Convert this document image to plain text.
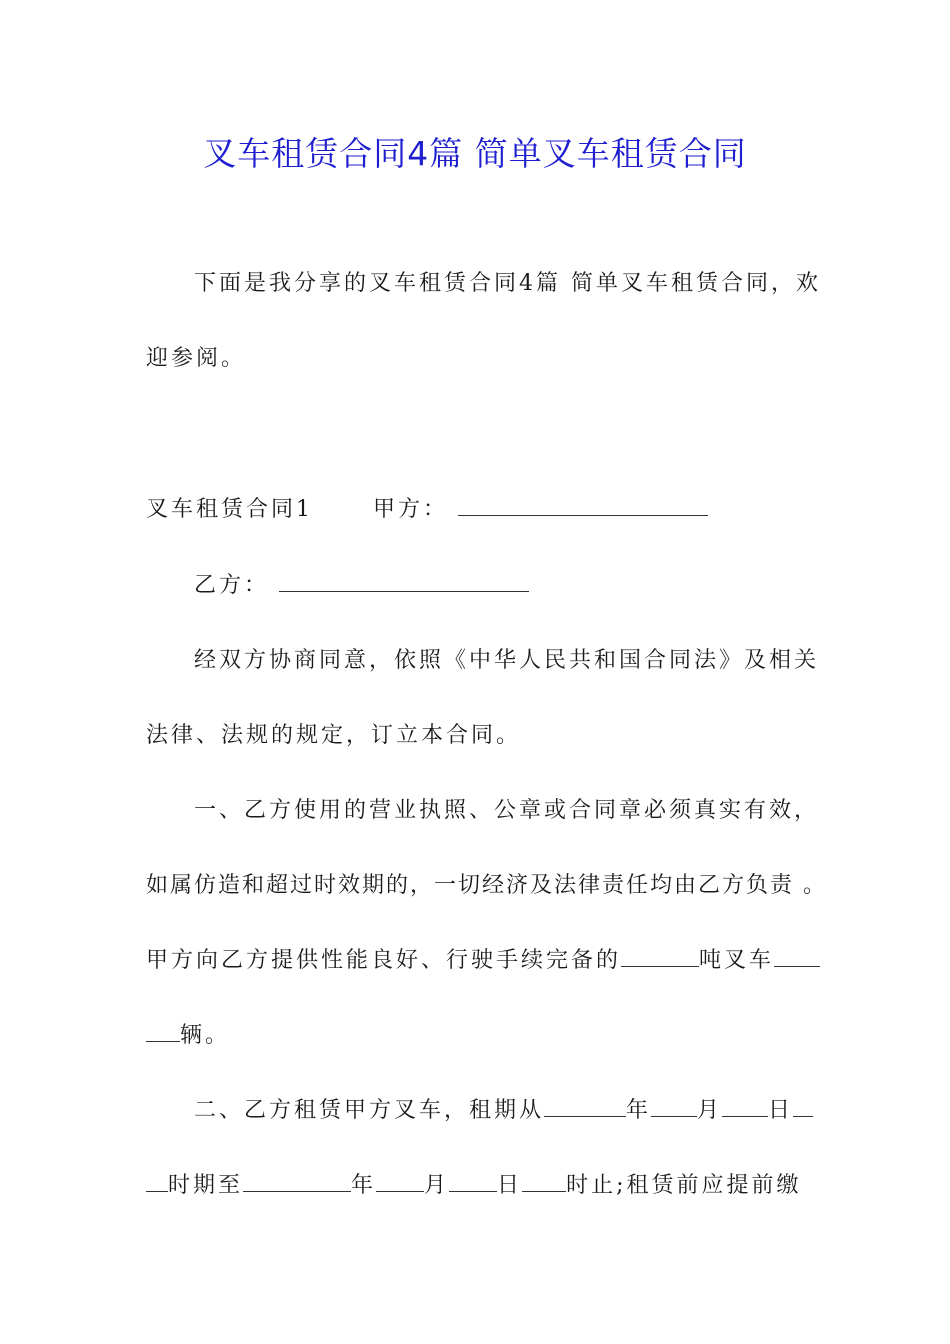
叉车租赁合同4篇 简单叉车租赁合同
下面是我分享的叉车租赁合同4篇 简单叉车租赁合同，欢
迎参阅。
叉车租赁合同1	甲方：
乙方：
经双方协商同意，依照《中华人民共和国合同法》及相关
法律、法规的规定，订立本合同。
一、乙方使用的营业执照、公章或合同章必须真实有效，
如属仿造和超过时效期的，一切经济及法律责任均由乙方负责 。
甲方向乙方提供性能良好、行驶手续完备的	吨叉车
辆。
二、乙方租赁甲方叉车，租期从	年 月 日
时期至	年 月 日 时止;租赁前应提前缴
